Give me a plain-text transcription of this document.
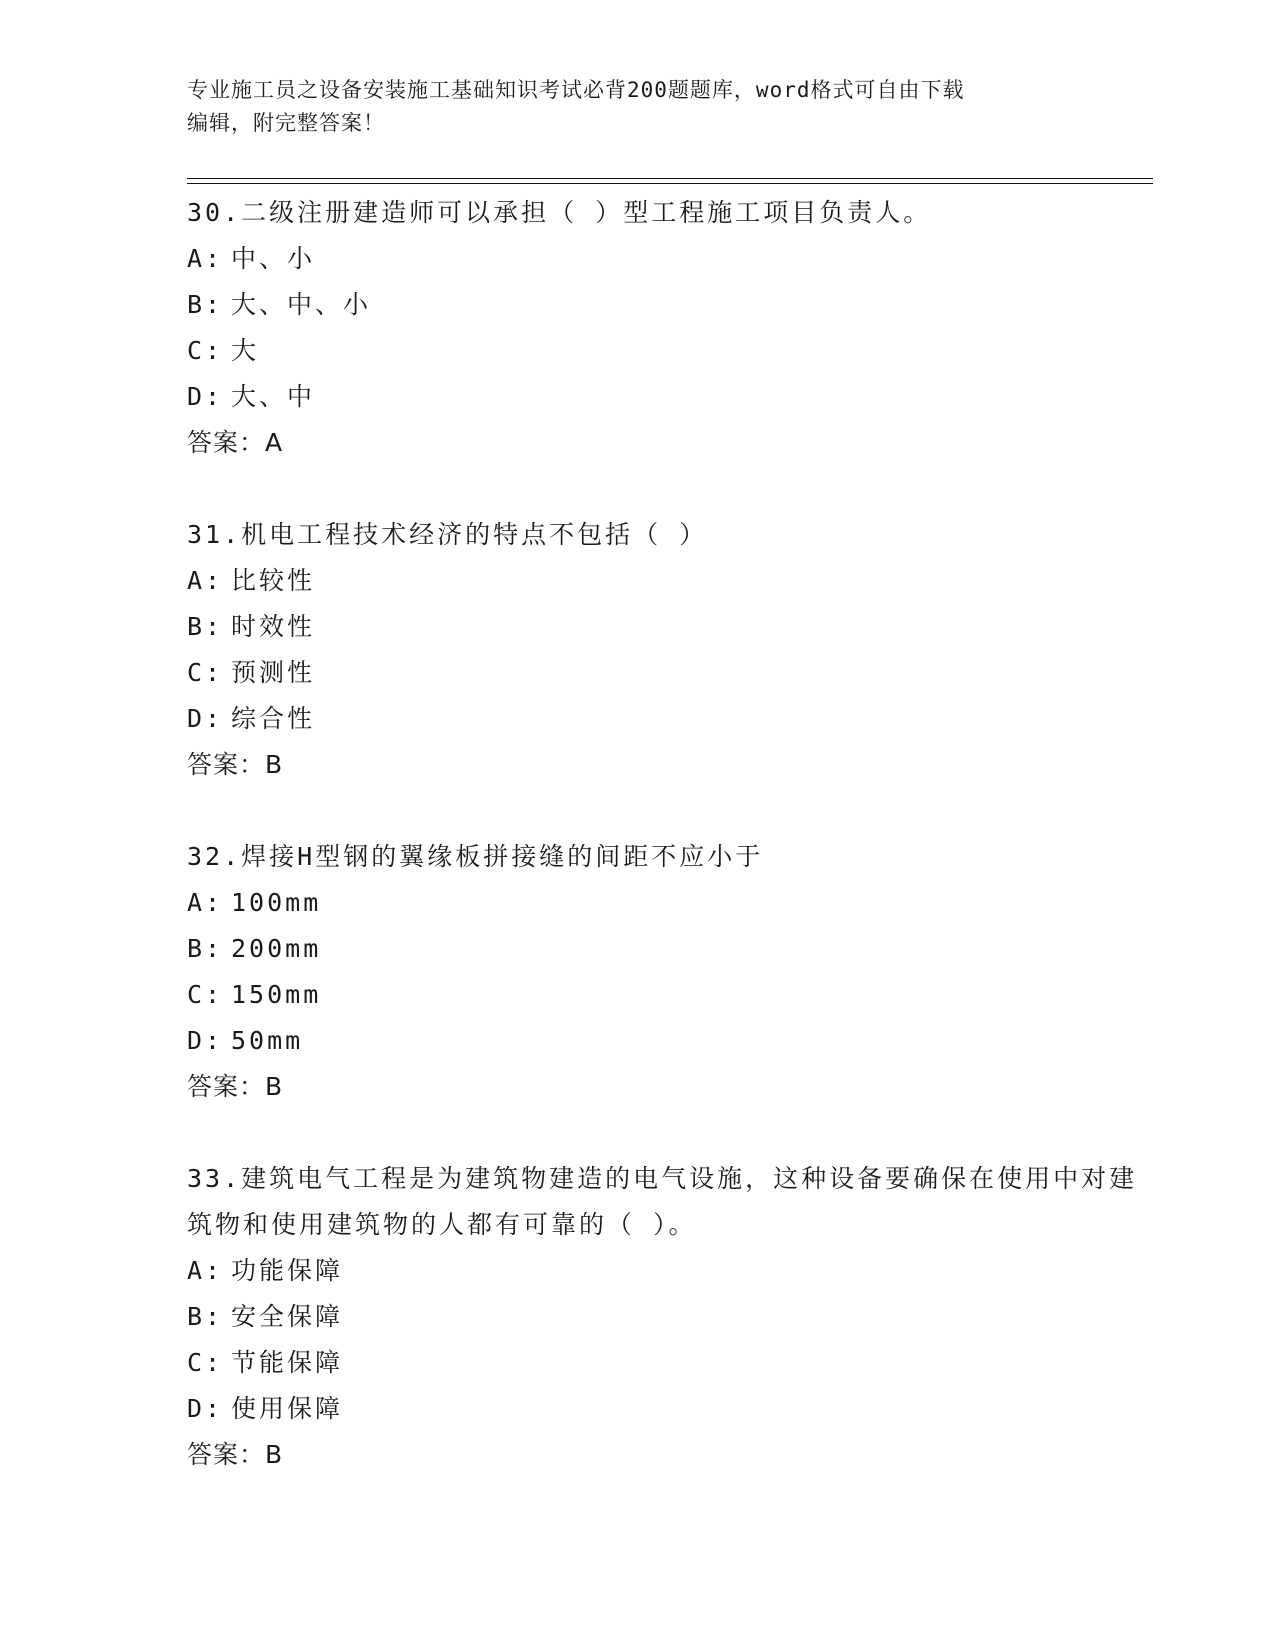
专业施工员之设备安装施工基础知识考试必背200题题库，word格式可自由下载
编辑，附完整答案！
30.二级注册建造师可以承担（ ）型工程施工项目负责人。
A: 中、小
B: 大、中、小
C: 大
D: 大、中
答案：A
31.机电工程技术经济的特点不包括（ ）
A: 比较性
B: 时效性
C: 预测性
D: 综合性
答案：B
32.焊接H型钢的翼缘板拼接缝的间距不应小于
A: 100mm
B: 200mm
C: 150mm
D: 50mm
答案：B
33.建筑电气工程是为建筑物建造的电气设施，这种设备要确保在使用中对建筑物和使用建筑物的人都有可靠的（ ）。
A: 功能保障
B: 安全保障
C: 节能保障
D: 使用保障
答案：B
